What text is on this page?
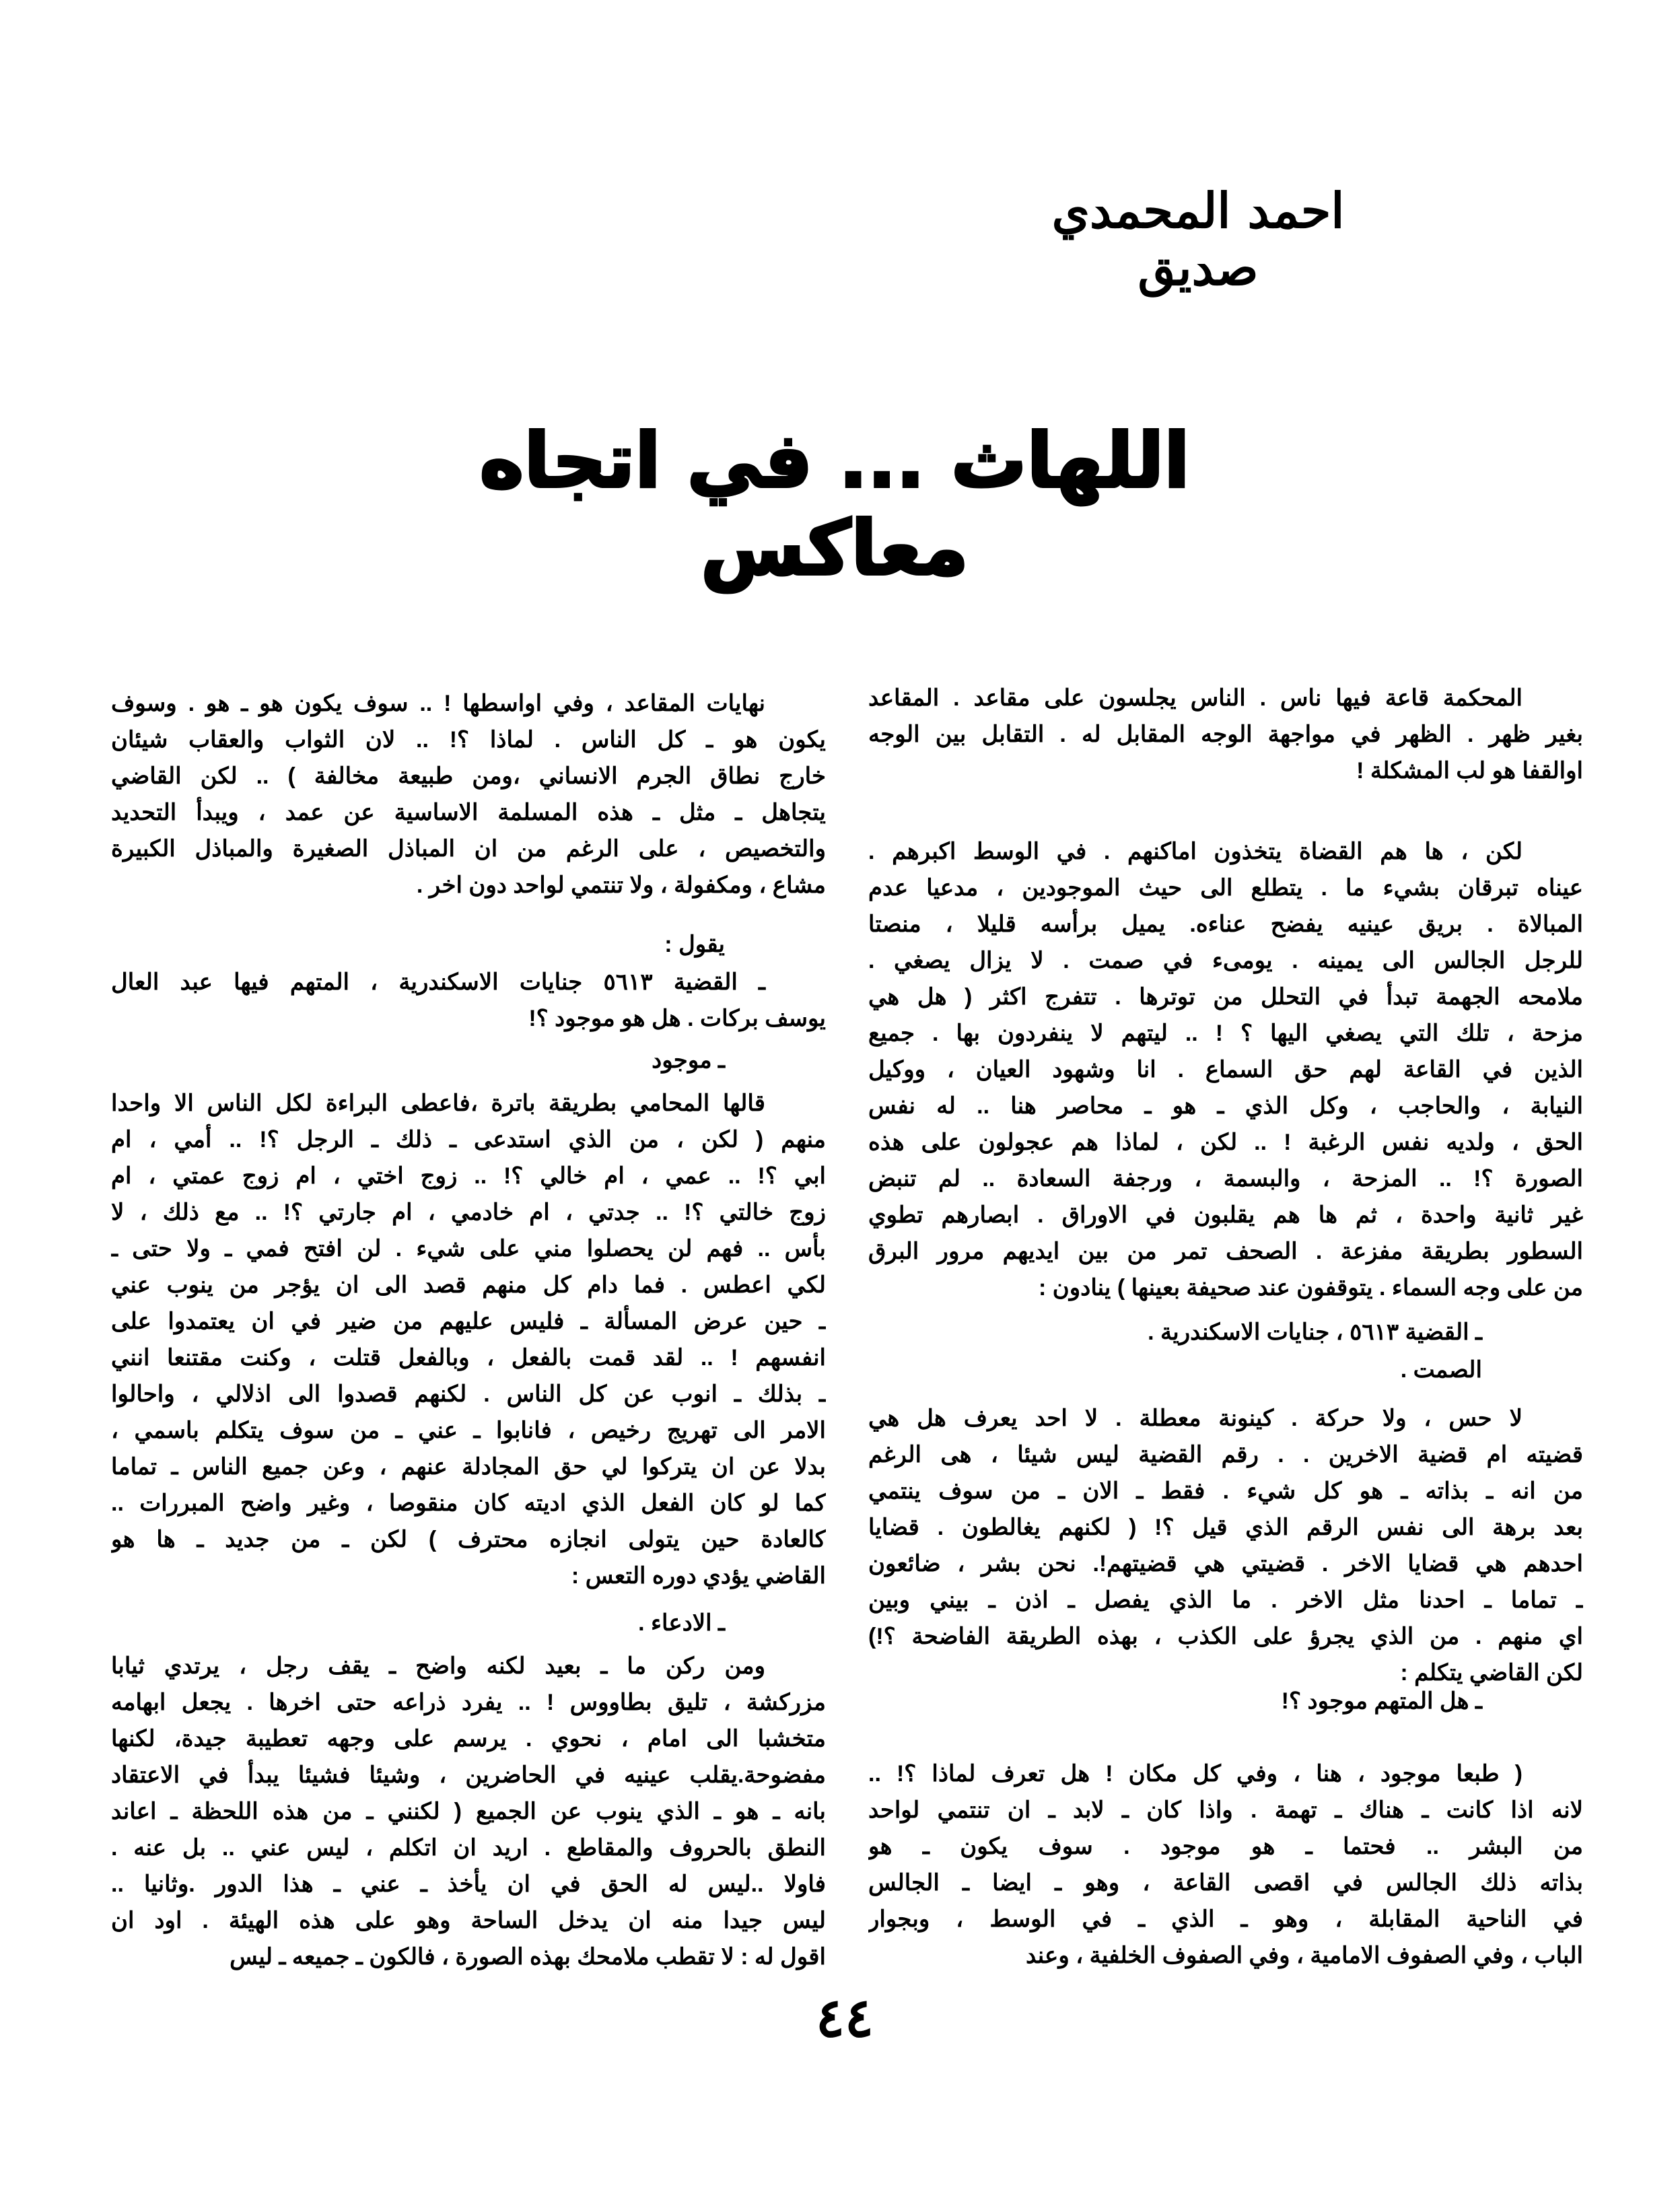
احمد المحمدي صديق
اللهاث ... في اتجاه معاكس
المحكمة قاعة فيها ناس . الناس يجلسون على مقاعد . المقاعد
بغير ظهر . الظهر في مواجهة الوجه المقابل له . التقابل بين الوجه
اوالقفا هو لب المشكلة !
لكن ، ها هم القضاة يتخذون اماكنهم . في الوسط اكبرهم .
عيناه تبرقان بشيء ما . يتطلع الى حيث الموجودين ، مدعيا عدم
المبالاة . بريق عينيه يفضح عناءه. يميل برأسه قليلا ، منصتا
للرجل الجالس الى يمينه . يومىء في صمت . لا يزال يصغي .
ملامحه الجهمة تبدأ في التحلل من توترها . تتفرج اكثر ( هل هي
مزحة ، تلك التي يصغي اليها ؟ ! .. ليتهم لا ينفردون بها . جميع
الذين في القاعة لهم حق السماع . انا وشهود العيان ، ووكيل
النيابة ، والحاجب ، وكل الذي ـ هو ـ محاصر هنا .. له نفس
الحق ، ولديه نفس الرغبة ! .. لكن ، لماذا هم عجولون على هذه
الصورة ؟! .. المزحة ، والبسمة ، ورجفة السعادة .. لم تنبض
غير ثانية واحدة ، ثم ها هم يقلبون في الاوراق . ابصارهم تطوي
السطور بطريقة مفزعة . الصحف تمر من بين ايديهم مرور البرق
من على وجه السماء . يتوقفون عند صحيفة بعينها ) ينادون :
ـ القضية ٥٦١٣ ، جنايات الاسكندرية .
الصمت .
لا حس ، ولا حركة . كينونة معطلة . لا احد يعرف هل هي
قضيته ام قضية الاخرين . . رقم القضية ليس شيئا ، هى الرغم
من انه ـ بذاته ـ هو كل شيء . فقط ـ الان ـ من سوف ينتمي
بعد برهة الى نفس الرقم الذي قيل ؟! ( لكنهم يغالطون . قضايا
احدهم هي قضايا الاخر . قضيتي هي قضيتهم!. نحن بشر ، ضائعون
ـ تماما ـ احدنا مثل الاخر . ما الذي يفصل ـ اذن ـ بيني وبين
اي منهم . من الذي يجرؤ على الكذب ، بهذه الطريقة الفاضحة ؟!)
لكن القاضي يتكلم :
ـ هل المتهم موجود ؟!
( طبعا موجود ، هنا ، وفي كل مكان ! هل تعرف لماذا ؟! ..
لانه اذا كانت ـ هناك ـ تهمة . واذا كان ـ لابد ـ ان تنتمي لواحد
من البشر .. فحتما ـ هو موجود . سوف يكون ـ هو
بذاته ذلك الجالس في اقصى القاعة ، وهو ـ ايضا ـ الجالس
في الناحية المقابلة ، وهو ـ الذي ـ في الوسط ، وبجوار
الباب ، وفي الصفوف الامامية ، وفي الصفوف الخلفية ، وعند
نهايات المقاعد ، وفي اواسطها ! .. سوف يكون هو ـ هو . وسوف
يكون هو ـ كل الناس . لماذا ؟! .. لان الثواب والعقاب شيئان
خارج نطاق الجرم الانساني ،ومن طبيعة مخالفة ) .. لكن القاضي
يتجاهل ـ مثل ـ هذه المسلمة الاساسية عن عمد ، ويبدأ التحديد
والتخصيص ، على الرغم من ان المباذل الصغيرة والمباذل الكبيرة
مشاع ، ومكفولة ، ولا تنتمي لواحد دون اخر .
يقول :
ـ القضية ٥٦١٣ جنايات الاسكندرية ، المتهم فيها عبد العال
يوسف بركات . هل هو موجود ؟!
ـ موجود
قالها المحامي بطريقة باترة ،فاعطى البراءة لكل الناس الا واحدا
منهم ( لكن ، من الذي استدعى ـ ذلك ـ الرجل ؟! .. أمي ، ام
ابي ؟! .. عمي ، ام خالي ؟! .. زوج اختي ، ام زوج عمتي ، ام
زوج خالتي ؟! .. جدتي ، ام خادمي ، ام جارتي ؟! .. مع ذلك ، لا
بأس .. فهم لن يحصلوا مني على شيء . لن افتح فمي ـ ولا حتى ـ
لكي اعطس . فما دام كل منهم قصد الى ان يؤجر من ينوب عني
ـ حين عرض المسألة ـ فليس عليهم من ضير في ان يعتمدوا على
انفسهم ! .. لقد قمت بالفعل ، وبالفعل قتلت ، وكنت مقتنعا انني
ـ بذلك ـ انوب عن كل الناس . لكنهم قصدوا الى اذلالي ، واحالوا
الامر الى تهريج رخيص ، فانابوا ـ عني ـ من سوف يتكلم باسمي ،
بدلا عن ان يتركوا لي حق المجادلة عنهم ، وعن جميع الناس ـ تماما
كما لو كان الفعل الذي اديته كان منقوصا ، وغير واضح المبررات ..
كالعادة حين يتولى انجازه محترف ) لكن ـ من جديد ـ ها هو
القاضي يؤدي دوره التعس :
ـ الادعاء .
ومن ركن ما ـ بعيد لكنه واضح ـ يقف رجل ، يرتدي ثيابا
مزركشة ، تليق بطاووس ! .. يفرد ذراعه حتى اخرها . يجعل ابهامه
متخشبا الى امام ، نحوي . يرسم على وجهه تعطيبة جيدة، لكنها
مفضوحة.يقلب عينيه في الحاضرين ، وشيئا فشيئا يبدأ في الاعتقاد
بانه ـ هو ـ الذي ينوب عن الجميع ( لكنني ـ من هذه اللحظة ـ اعاند
النطق بالحروف والمقاطع . اريد ان اتكلم ، ليس عني .. بل عنه .
فاولا ..ليس له الحق في ان يأخذ ـ عني ـ هذا الدور .وثانيا ..
ليس جيدا منه ان يدخل الساحة وهو على هذه الهيئة . اود ان
اقول له : لا تقطب ملامحك بهذه الصورة ، فالكون ـ جميعه ـ ليس
٤٤
